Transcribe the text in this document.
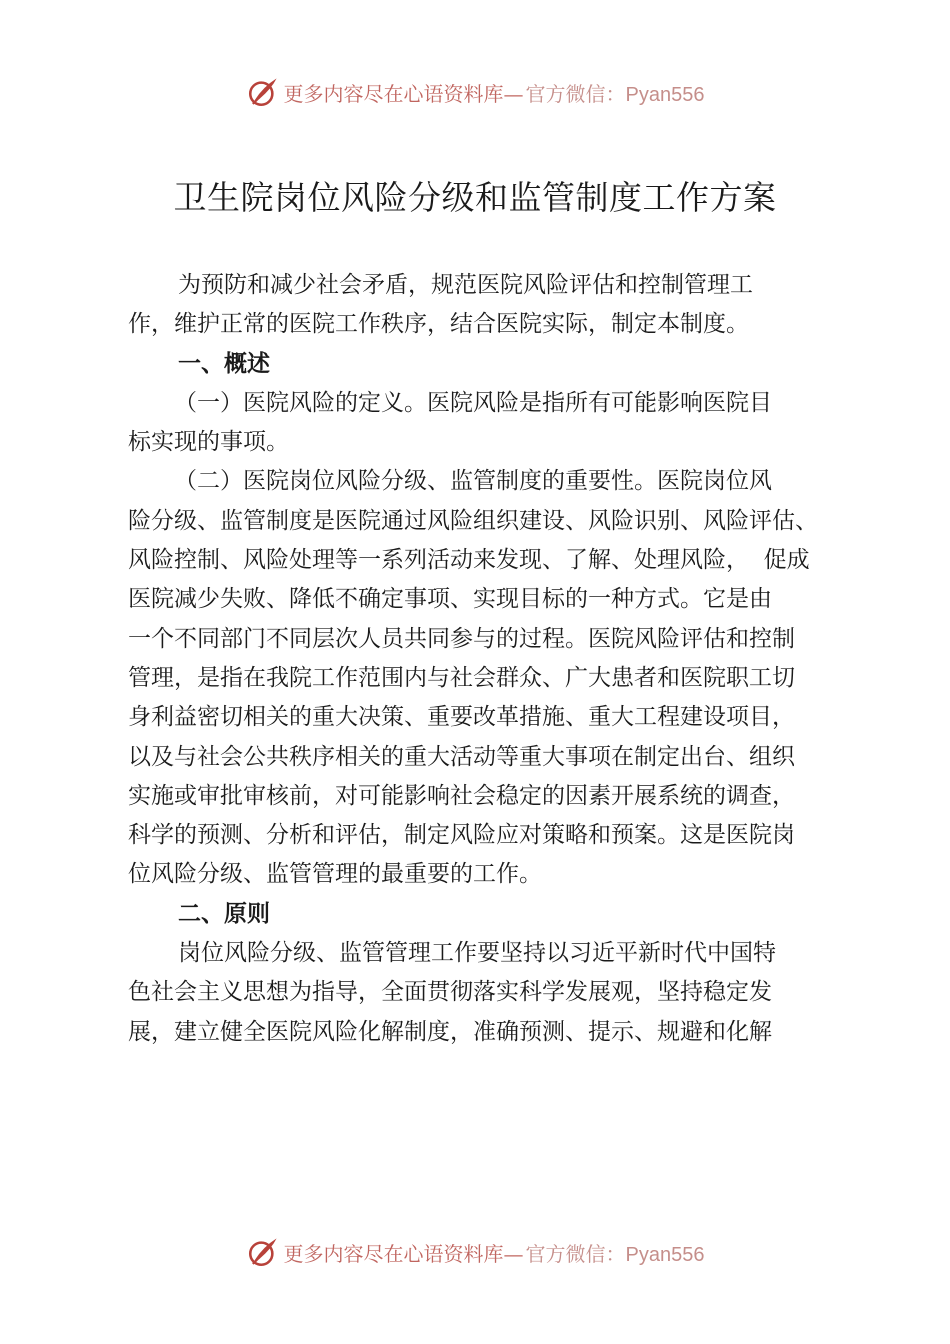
更多内容尽在心语资料库— 官方微信：Pyan556
卫生院岗位风险分级和监管制度工作方案
为预防和减少社会矛盾，规范医院风险评估和控制管理工
作，维护正常的医院工作秩序，结合医院实际，制定本制度。
一、概述
（一）医院风险的定义。医院风险是指所有可能影响医院目
标实现的事项。
（二）医院岗位风险分级、监管制度的重要性。医院岗位风
险分级、监管制度是医院通过风险组织建设、风险识别、风险评估、
风险控制、风险处理等一系列活动来发现、了解、处理风险，  促成
医院减少失败、降低不确定事项、实现目标的一种方式。它是由
一个不同部门不同层次人员共同参与的过程。医院风险评估和控制
管理，是指在我院工作范围内与社会群众、广大患者和医院职工切
身利益密切相关的重大决策、重要改革措施、重大工程建设项目，
以及与社会公共秩序相关的重大活动等重大事项在制定出台、组织
实施或审批审核前，对可能影响社会稳定的因素开展系统的调查，
科学的预测、分析和评估，制定风险应对策略和预案。这是医院岗
位风险分级、监管管理的最重要的工作。
二、原则
岗位风险分级、监管管理工作要坚持以习近平新时代中国特
色社会主义思想为指导，全面贯彻落实科学发展观，坚持稳定发
展，建立健全医院风险化解制度，准确预测、提示、规避和化解
更多内容尽在心语资料库— 官方微信：Pyan556
